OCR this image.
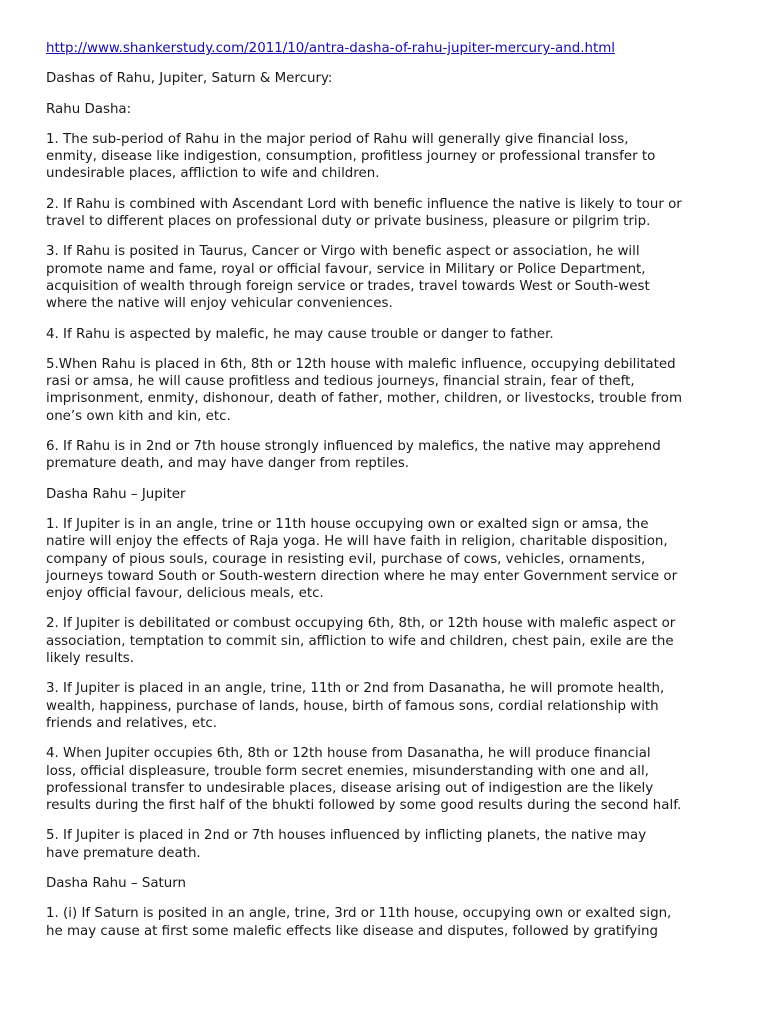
http://www.shankerstudy.com/2011/10/antra-dasha-of-rahu-jupiter-mercury-and.html
Dashas of Rahu, Jupiter, Saturn & Mercury:
Rahu Dasha:

1. The sub-period of Rahu in the major period of Rahu will generally give financial loss,

enmity, disease like indigestion, consumption, profitless journey or professional transfer to

undesirable places, affliction to wife and children.

2. If Rahu is combined with Ascendant Lord with benefic influence the native is likely to tour or

travel to different places on professional duty or private business, pleasure or pilgrim trip.

3. If Rahu is posited in Taurus, Cancer or Virgo with benefic aspect or association, he will

promote name and fame, royal or official favour, service in Military or Police Department,

acquisition of wealth through foreign service or trades, travel towards West or South-west

where the native will enjoy vehicular conveniences.

4. If Rahu is aspected by malefic, he may cause trouble or danger to father.

5.When Rahu is placed in 6th, 8th or 12th house with malefic influence, occupying debilitated

rasi or amsa, he will cause profitless and tedious journeys, financial strain, fear of theft,

imprisonment, enmity, dishonour, death of father, mother, children, or livestocks, trouble from

one’s own kith and kin, etc.

6. If Rahu is in 2nd or 7th house strongly influenced by malefics, the native may apprehend

premature death, and may have danger from reptiles.

Dasha Rahu – Jupiter

1. If Jupiter is in an angle, trine or 11th house occupying own or exalted sign or amsa, the

natire will enjoy the effects of Raja yoga. He will have faith in religion, charitable disposition,

company of pious souls, courage in resisting evil, purchase of cows, vehicles, ornaments,

journeys toward South or South-western direction where he may enter Government service or

enjoy official favour, delicious meals, etc.

2. If Jupiter is debilitated or combust occupying 6th, 8th, or 12th house with malefic aspect or

association, temptation to commit sin, affliction to wife and children, chest pain, exile are the

likely results.

3. If Jupiter is placed in an angle, trine, 11th or 2nd from Dasanatha, he will promote health,

wealth, happiness, purchase of lands, house, birth of famous sons, cordial relationship with

friends and relatives, etc.

4. When Jupiter occupies 6th, 8th or 12th house from Dasanatha, he will produce financial

loss, official displeasure, trouble form secret enemies, misunderstanding with one and all,

professional transfer to undesirable places, disease arising out of indigestion are the likely

results during the first half of the bhukti followed by some good results during the second half.

5. If Jupiter is placed in 2nd or 7th houses influenced by inflicting planets, the native may

have premature death.

Dasha Rahu – Saturn

1. (i) If Saturn is posited in an angle, trine, 3rd or 11th house, occupying own or exalted sign,

he may cause at first some malefic effects like disease and disputes, followed by gratifying
